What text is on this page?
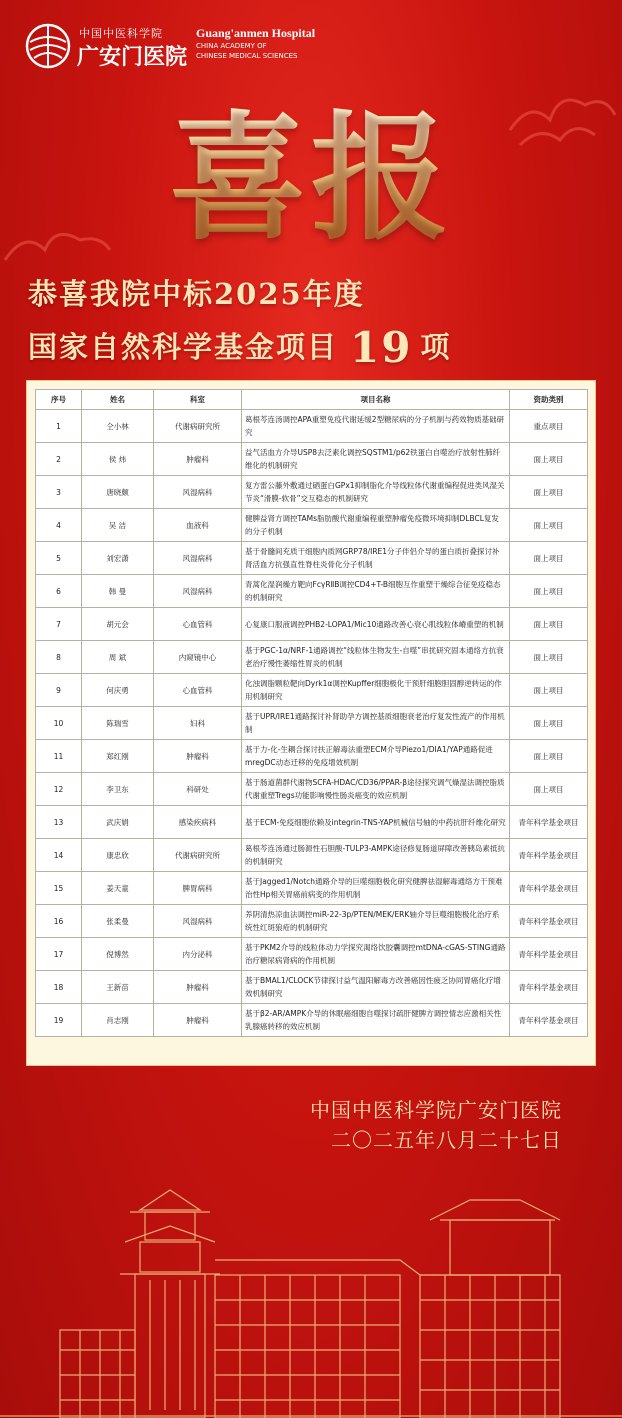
中国中医科学院
广安门医院
Guang'anmen Hospital
CHINA ACADEMY OF
CHINESE MEDICAL SCIENCES
喜报
恭喜我院中标2025年度
国家自然科学基金项目 19 项
序号	姓名	科室	项目名称	资助类别
1	仝小林	代谢病研究所	葛根芩连汤调控APA重塑免疫代谢延缓2型糖尿病的分子机制与药效物质基础研究	重点项目
2	侯 炜	肿瘤科	益气活血方介导USP8去泛素化调控SQSTM1/p62铁蛋白自噬治疗放射性肺纤维化的机制研究	面上项目
3	唐晓颇	风湿病科	复方雷公藤外敷通过硒蛋白GPx1抑制脂化介导线粒体代谢重编程促进类风湿关节炎“滑膜-软骨”交互稳态的机制研究	面上项目
4	吴 洁	血液科	健脾益肾方调控TAMs脂肪酸代谢重编程重塑肿瘤免疫微环境抑制DLBCL复发的分子机制	面上项目
5	刘宏潇	风湿病科	基于骨髓间充质干细胞内质网GRP78/IRE1分子伴侣介导的蛋白质折叠探讨补肾活血方抗强直性脊柱炎骨化分子机制	面上项目
6	韩 曼	风湿病科	青蒿化湿润燥方靶向FcγRⅡB调控CD4+T-B细胞互作重塑干燥综合征免疫稳态的机制研究	面上项目
7	胡元会	心血管科	心复康口服液调控PHB2-LOPA1/Mic10通路改善心衰心肌线粒体嵴重塑的机制	面上项目
8	周 斌	内窥镜中心	基于PGC-1α/NRF-1通路调控“线粒体生物发生-自噬”串扰研究固本通络方抗衰老治疗慢性萎缩性胃炎的机制	面上项目
9	何庆勇	心血管科	化浊调脂颗粒靶向Dyrk1α调控Kupffer细胞极化干预肝细胞胆固醇逆转运的作用机制研究	面上项目
10	陈瑞雪	妇科	基于UPR/IRE1通路探讨补肾助孕方调控基质细胞衰老治疗复发性流产的作用机制	面上项目
11	郑红刚	肿瘤科	基于力-化-生耦合探讨扶正解毒法重塑ECM介导Piezo1/DIA1/YAP通路促进mregDC动态迁移的免疫增效机制	面上项目
12	李卫东	科研处	基于肠道菌群代谢物SCFA-HDAC/CD36/PPAR-β途径探究调气燥湿法调控脂质代谢重塑Tregs功能影响慢性肠炎癌变的效应机制	面上项目
13	武庆娟	感染疾病科	基于ECM-免疫细胞依赖及integrin-TNS-YAP机械信号轴的中药抗肝纤维化研究	青年科学基金项目
14	康忠欣	代谢病研究所	葛根芩连汤通过肠源性石胆酸-TULP3-AMPK途径修复肠道屏障改善胰岛素抵抗的机制研究	青年科学基金项目
15	姜天童	脾胃病科	基于Jagged1/Notch通路介导的巨噬细胞极化研究健脾祛湿解毒通络方干预难治性Hp相关胃癌前病变的作用机制	青年科学基金项目
16	张柔曼	风湿病科	养阴清热凉血法调控miR-22-3p/PTEN/MEK/ERK轴介导巨噬细胞极化治疗系统性红斑狼疮的机制研究	青年科学基金项目
17	倪博然	内分泌科	基于PKM2介导的线粒体动力学探究渴络饮胶囊调控mtDNA-cGAS-STING通路治疗糖尿病肾病的作用机制	青年科学基金项目
18	王新苗	肿瘤科	基于BMAL1/CLOCK节律探讨益气温阳解毒方改善癌因性疲乏协同胃癌化疗增效机制研究	青年科学基金项目
19	肖志刚	肿瘤科	基于β2-AR/AMPK介导的休眠癌细胞自噬探讨疏肝健脾方调控情志应激相关性乳腺癌转移的效应机制	青年科学基金项目
中国中医科学院广安门医院
二〇二五年八月二十七日
